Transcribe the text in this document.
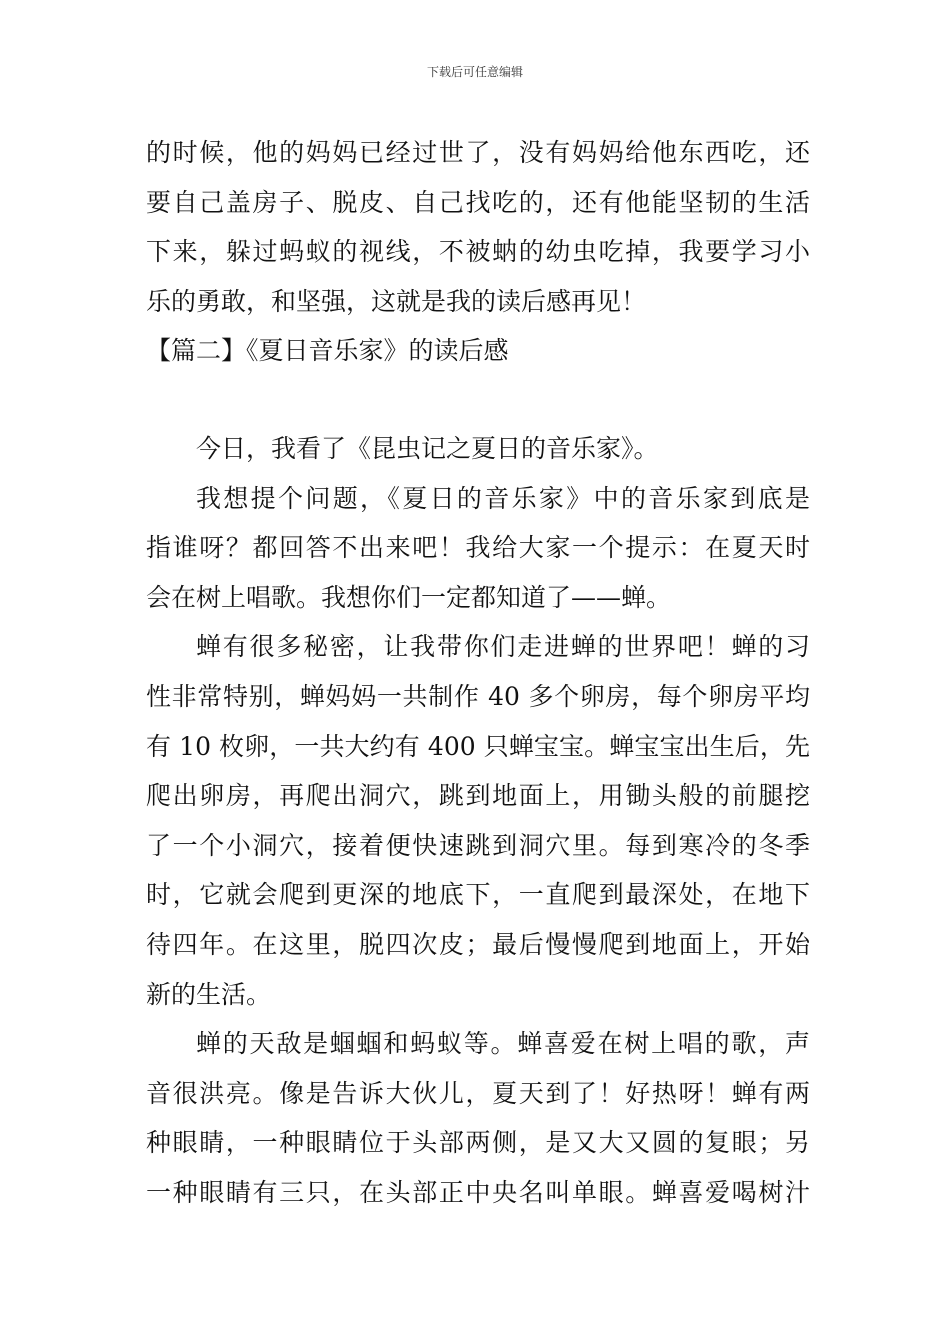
下载后可任意编辑
的时候，他的妈妈已经过世了，没有妈妈给他东西吃，还
要自己盖房子、脱皮、自己找吃的，还有他能坚韧的生活
下来，躲过蚂蚁的视线，不被蚋的幼虫吃掉，我要学习小
乐的勇敢，和坚强，这就是我的读后感再见！
【篇二】《夏日音乐家》的读后感
今日，我看了《昆虫记之夏日的音乐家》。
我想提个问题，《夏日的音乐家》中的音乐家到底是
指谁呀？都回答不出来吧！我给大家一个提示：在夏天时
会在树上唱歌。我想你们一定都知道了——蝉。
蝉有很多秘密，让我带你们走进蝉的世界吧！蝉的习
性非常特别，蝉妈妈一共制作 40 多个卵房，每个卵房平均
有 10 枚卵，一共大约有 400 只蝉宝宝。蝉宝宝出生后，先
爬出卵房，再爬出洞穴，跳到地面上，用锄头般的前腿挖
了一个小洞穴，接着便快速跳到洞穴里。每到寒冷的冬季
时，它就会爬到更深的地底下，一直爬到最深处，在地下
待四年。在这里，脱四次皮；最后慢慢爬到地面上，开始
新的生活。
蝉的天敌是蝈蝈和蚂蚁等。蝉喜爱在树上唱的歌，声
音很洪亮。像是告诉大伙儿，夏天到了！好热呀！蝉有两
种眼睛，一种眼睛位于头部两侧，是又大又圆的复眼；另
一种眼睛有三只，在头部正中央名叫单眼。蝉喜爱喝树汁
